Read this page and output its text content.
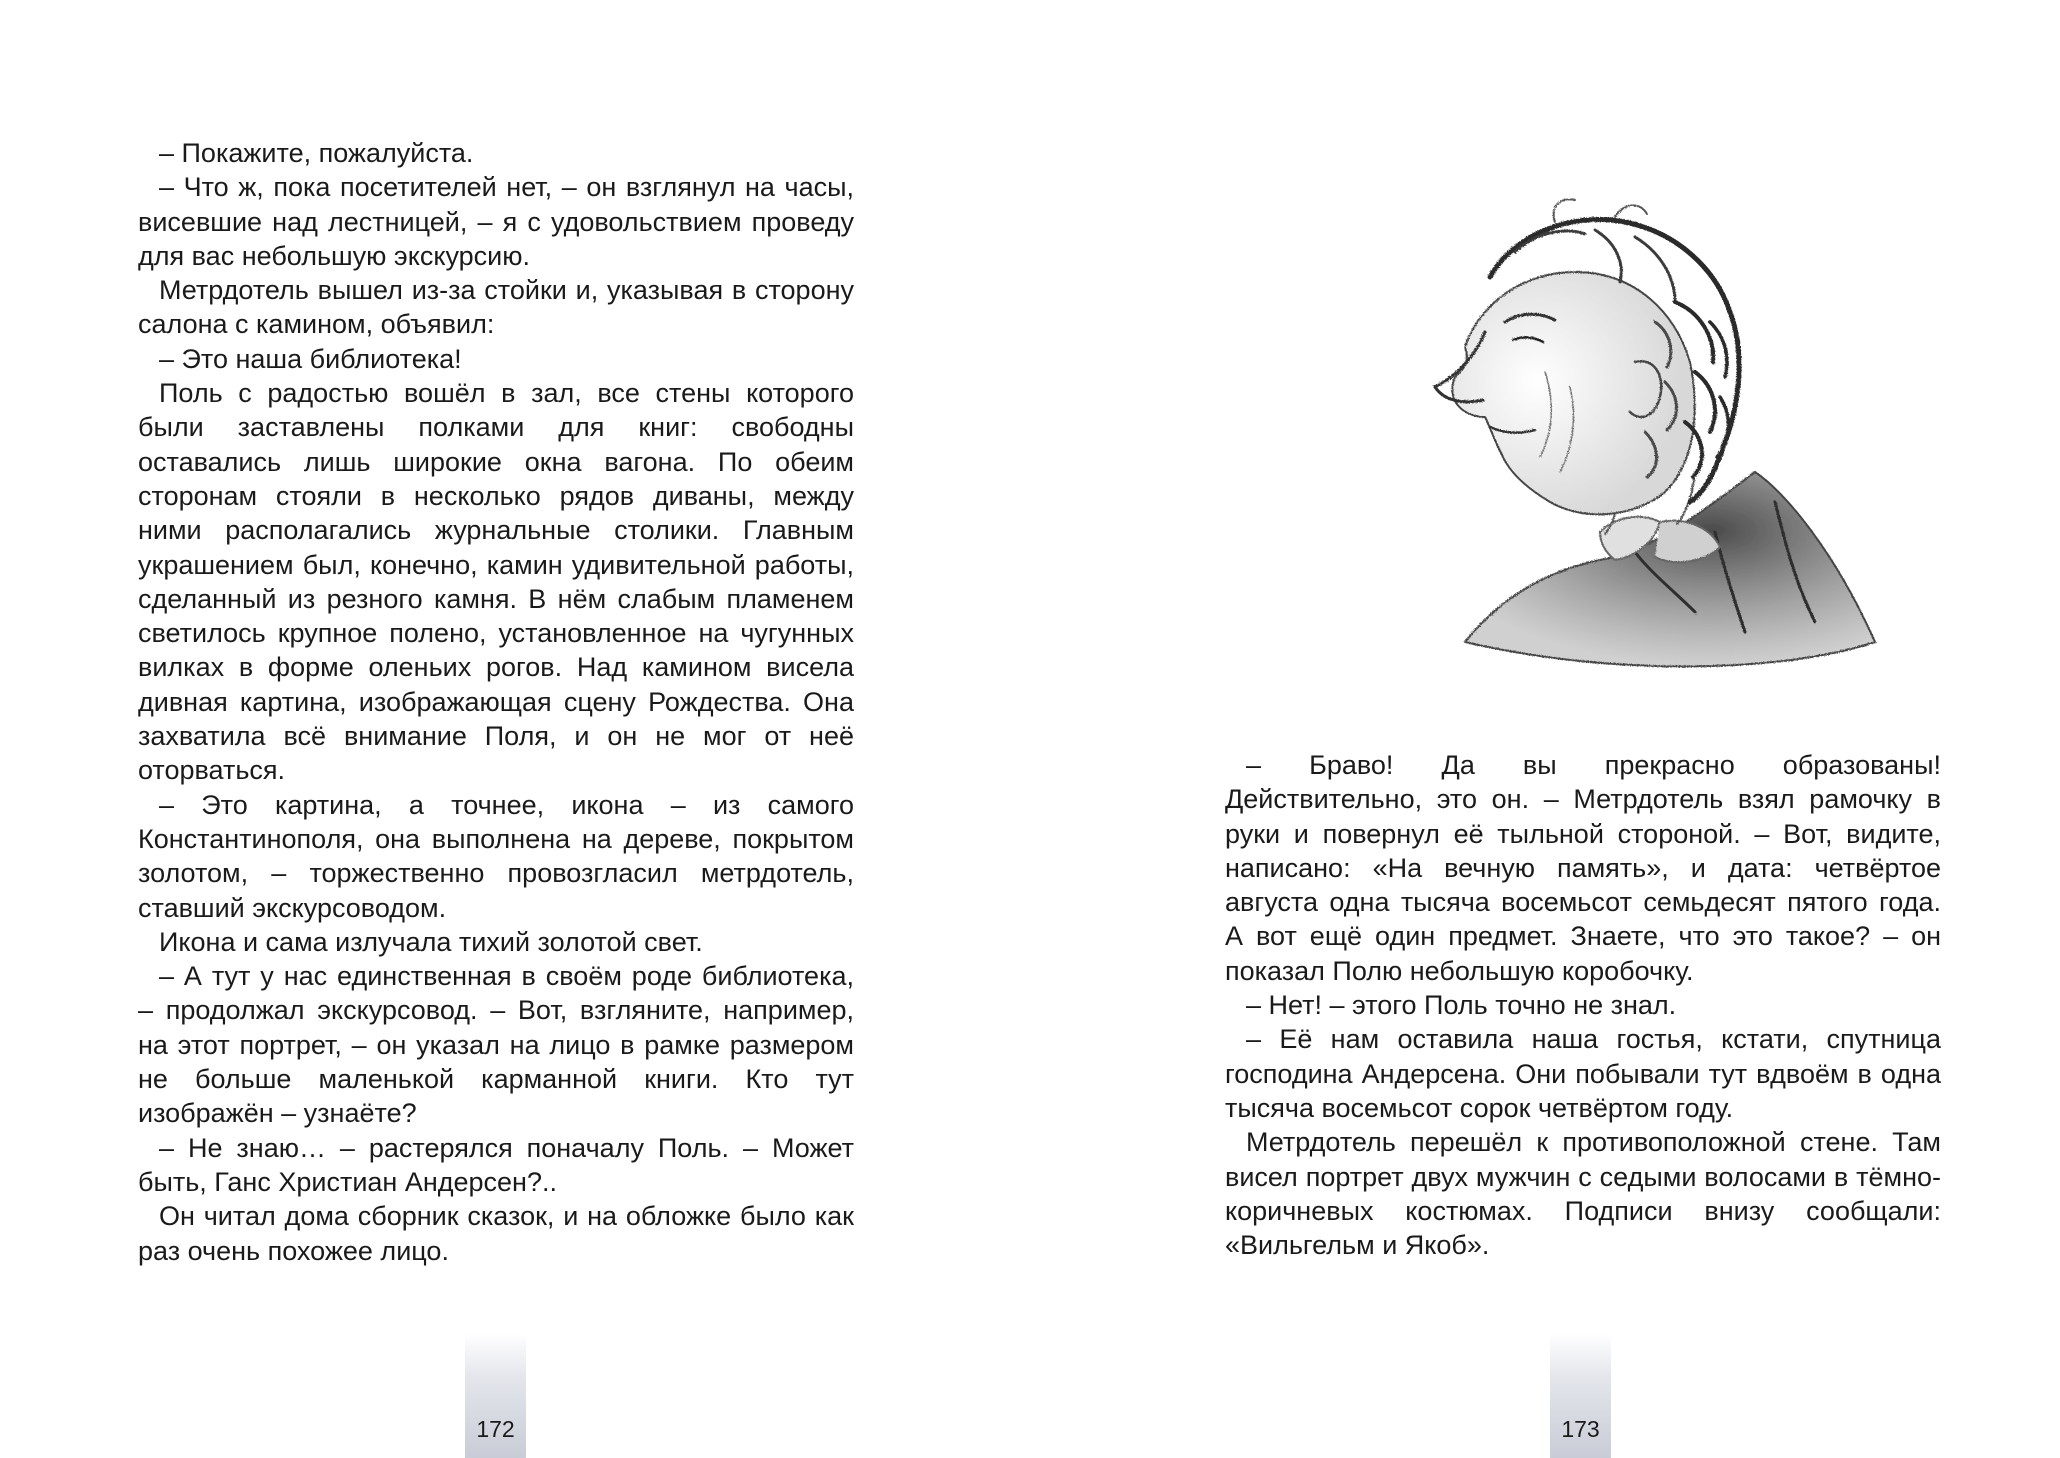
– Покажите, пожалуйста.

– Что ж, пока посетителей нет, – он взглянул на часы, висевшие над лестницей, – я с удовольствием проведу для вас небольшую экскурсию.

Метрдотель вышел из-за стойки и, указывая в сторону салона с камином, объявил:

– Это наша библиотека!

Поль с радостью вошёл в зал, все стены которого были заставлены полками для книг: свободны оставались лишь широкие окна вагона. По обеим сторонам стояли в несколько рядов диваны, между ними располагались журнальные столики. Главным украшением был, конечно, камин удивительной работы, сделанный из резного камня. В нём слабым пламенем светилось крупное полено, установленное на чугунных вилках в форме оленьих рогов. Над камином висела дивная картина, изображающая сцену Рождества. Она захватила всё внимание Поля, и он не мог от неё оторваться.

– Это картина, а точнее, икона – из самого Константинополя, она выполнена на дереве, покрытом золотом, – торжественно провозгласил метрдотель, ставший экскурсоводом.

Икона и сама излучала тихий золотой свет.

– А тут у нас единственная в своём роде библиотека, – продолжал экскурсовод. – Вот, взгляните, например, на этот портрет, – он указал на лицо в рамке размером не больше маленькой карманной книги. Кто тут изображён – узнаёте?

– Не знаю… – растерялся поначалу Поль. – Может быть, Ганс Христиан Андерсен?..

Он читал дома сборник сказок, и на обложке было как раз очень похожее лицо.

172

– Браво! Да вы прекрасно образованы! Действительно, это он. – Метрдотель взял рамочку в руки и повернул её тыльной стороной. – Вот, видите, написано: «На вечную память», и дата: четвёртое августа одна тысяча восемьсот семьдесят пятого года. А вот ещё один предмет. Знаете, что это такое? – он показал Полю небольшую коробочку.

– Нет! – этого Поль точно не знал.

– Её нам оставила наша гостья, кстати, спутница господина Андерсена. Они побывали тут вдвоём в одна тысяча восемьсот сорок четвёртом году.

Метрдотель перешёл к противоположной стене. Там висел портрет двух мужчин с седыми волосами в тёмно-коричневых костюмах. Подписи внизу сообщали: «Вильгельм и Якоб».

173
